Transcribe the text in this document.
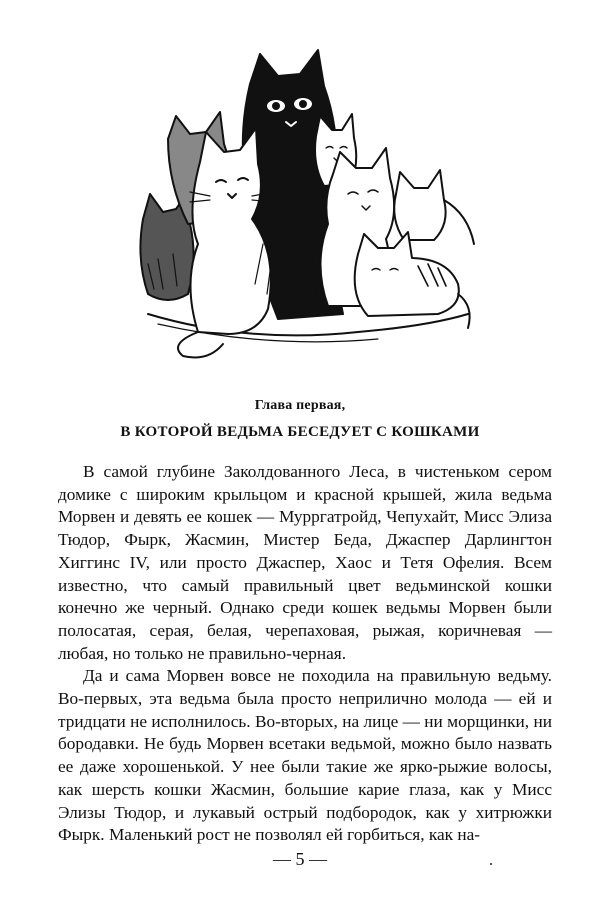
Глава первая,
В КОТОРОЙ ВЕДЬМА БЕСЕДУЕТ С КОШКАМИ

В самой глубине Заколдованного Леса, в чистеньком сером домике с широким крыльцом и красной крышей, жила ведьма Морвен и девять ее кошек — Мурргатройд, Чепухайт, Мисс Элиза Тюдор, Фырк, Жасмин, Мистер Беда, Джаспер Дарлингтон Хиггинс IV, или просто Джаспер, Хаос и Тетя Офелия. Всем известно, что самый правильный цвет ведьминской кошки конечно же черный. Однако среди кошек ведьмы Морвен были полосатая, серая, белая, черепаховая, рыжая, коричневая — любая, но только не правильно-черная.

Да и сама Морвен вовсе не походила на правильную ведьму. Во-первых, эта ведьма была просто неприлично молода — ей и тридцати не исполнилось. Во-вторых, на лице — ни морщинки, ни бородавки. Не будь Морвен всетаки ведьмой, можно было назвать ее даже хорошенькой. У нее были такие же ярко-рыжие волосы, как шерсть кошки Жасмин, большие карие глаза, как у Мисс Элизы Тюдор, и лукавый острый подбородок, как у хитрюжки Фырк. Маленький рост не позволял ей горбиться, как на-

— 5 —
